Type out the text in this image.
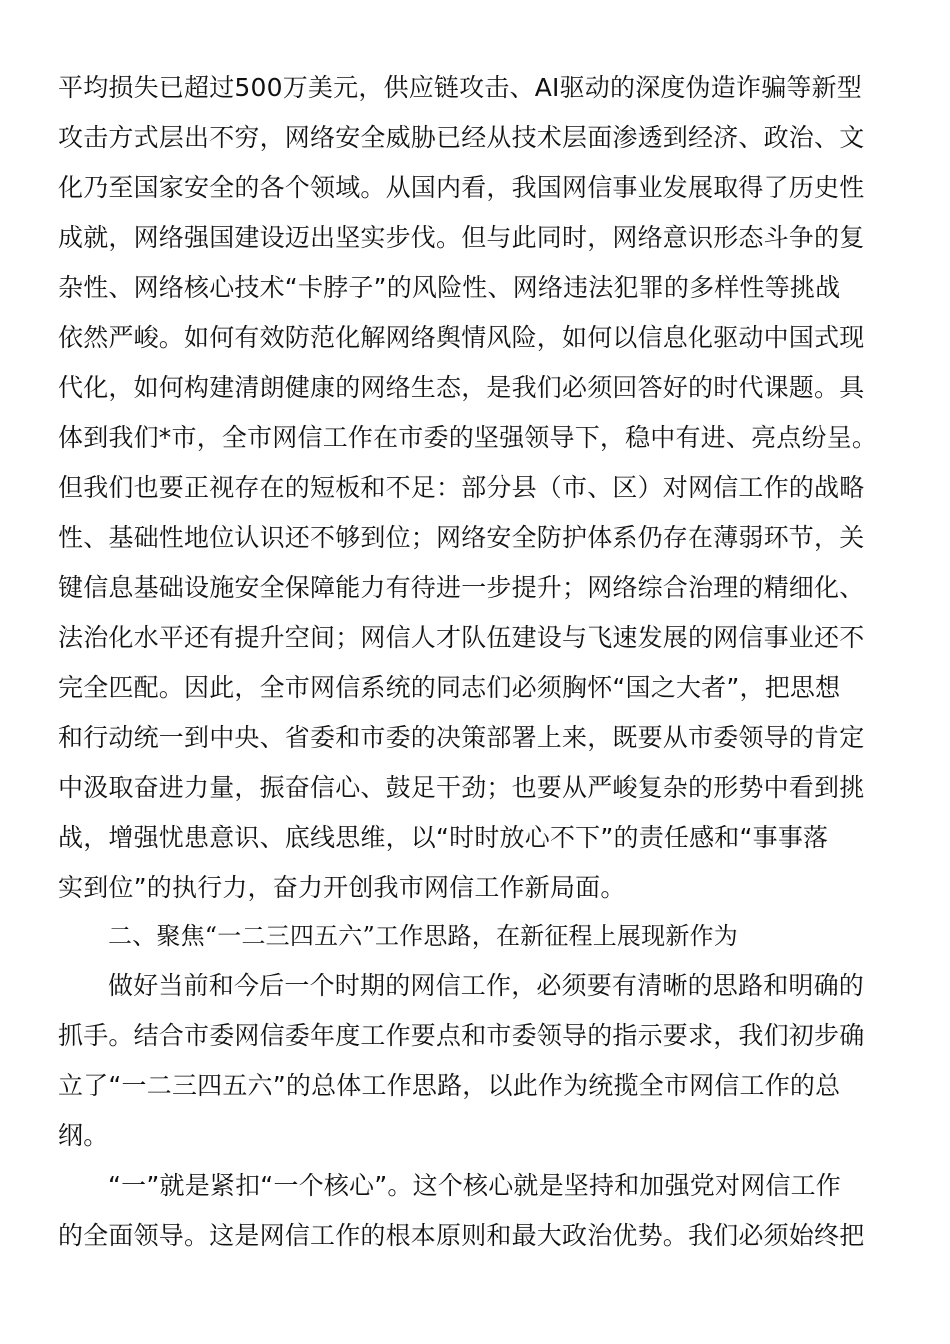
平均损失已超过500万美元，供应链攻击、AI驱动的深度伪造诈骗等新型
攻击方式层出不穷，网络安全威胁已经从技术层面渗透到经济、政治、文
化乃至国家安全的各个领域。从国内看，我国网信事业发展取得了历史性
成就，网络强国建设迈出坚实步伐。但与此同时，网络意识形态斗争的复
杂性、网络核心技术“卡脖子”的风险性、网络违法犯罪的多样性等挑战
依然严峻。如何有效防范化解网络舆情风险，如何以信息化驱动中国式现
代化，如何构建清朗健康的网络生态，是我们必须回答好的时代课题。具
体到我们*市，全市网信工作在市委的坚强领导下，稳中有进、亮点纷呈。
但我们也要正视存在的短板和不足：部分县（市、区）对网信工作的战略
性、基础性地位认识还不够到位；网络安全防护体系仍存在薄弱环节，关
键信息基础设施安全保障能力有待进一步提升；网络综合治理的精细化、
法治化水平还有提升空间；网信人才队伍建设与飞速发展的网信事业还不
完全匹配。因此，全市网信系统的同志们必须胸怀“国之大者”，把思想
和行动统一到中央、省委和市委的决策部署上来，既要从市委领导的肯定
中汲取奋进力量，振奋信心、鼓足干劲；也要从严峻复杂的形势中看到挑
战，增强忧患意识、底线思维，以“时时放心不下”的责任感和“事事落
实到位”的执行力，奋力开创我市网信工作新局面。
二、聚焦“一二三四五六”工作思路，在新征程上展现新作为
做好当前和今后一个时期的网信工作，必须要有清晰的思路和明确的
抓手。结合市委网信委年度工作要点和市委领导的指示要求，我们初步确
立了“一二三四五六”的总体工作思路，以此作为统揽全市网信工作的总
纲。
“一”就是紧扣“一个核心”。这个核心就是坚持和加强党对网信工作
的全面领导。这是网信工作的根本原则和最大政治优势。我们必须始终把
